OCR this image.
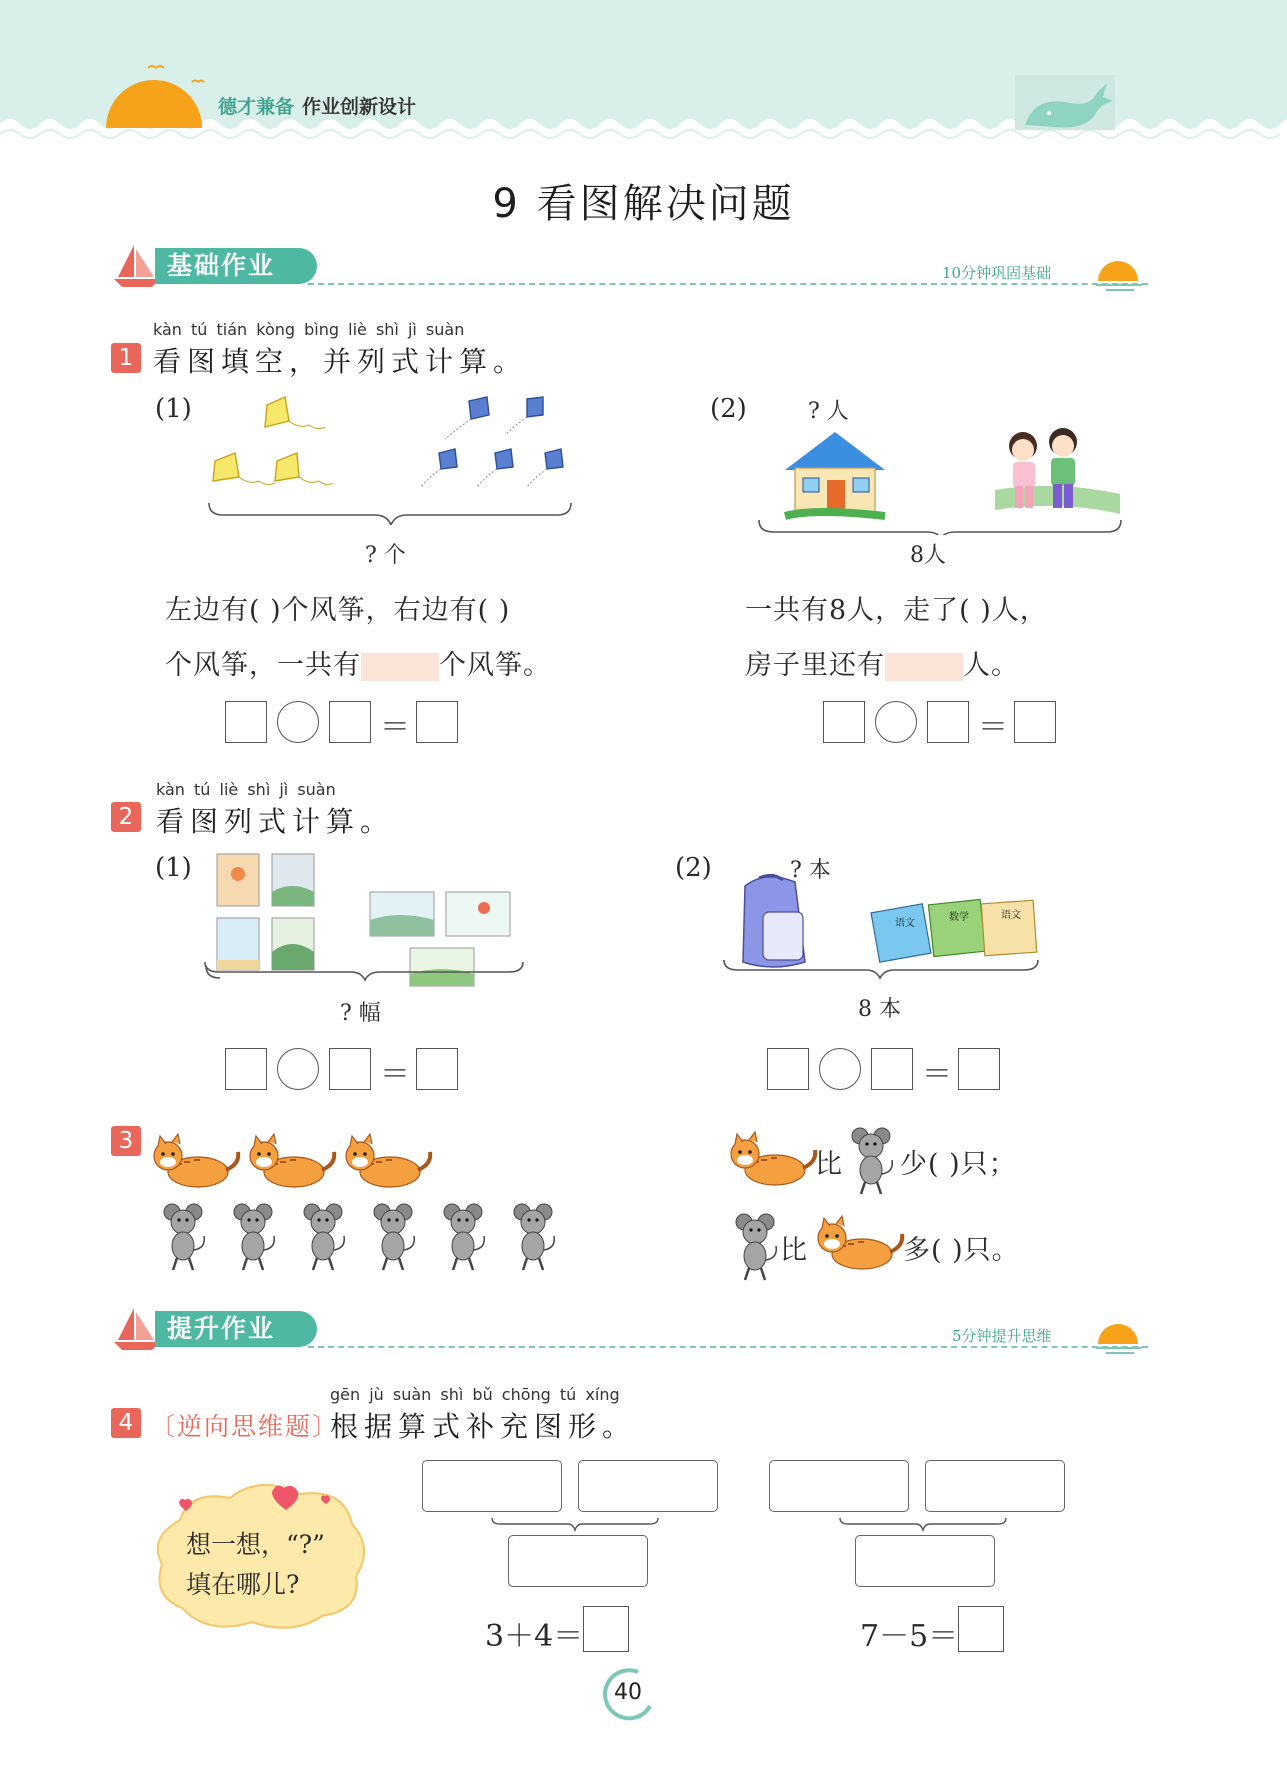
德才兼备 作业创新设计
9 看图解决问题
基础作业	10分钟巩固基础
kàn tú tián kòng bìng liè shì jì suàn
1 看图填空，并列式计算。
(1)
? 个
(2)	? 人
8人
左边有( )个风筝，右边有( )
个风筝，一共有	个风筝。
一共有8人，走了( )人，
房子里还有	人。
＝	＝
kàn tú liè shì jì suàn
2 看图列式计算。
(1)
? 幅
(2)	? 本
语文
数学	语文
8 本
＝	＝
3
比 少( )只；
比	多( )只。
提升作业	5分钟提升思维
gēn jù suàn shì bǔ chōng tú xíng
4 〔逆向思维题〕
根据算式补充图形。
想一想，“?”
填在哪儿?
3＋4＝	7－5＝
40
